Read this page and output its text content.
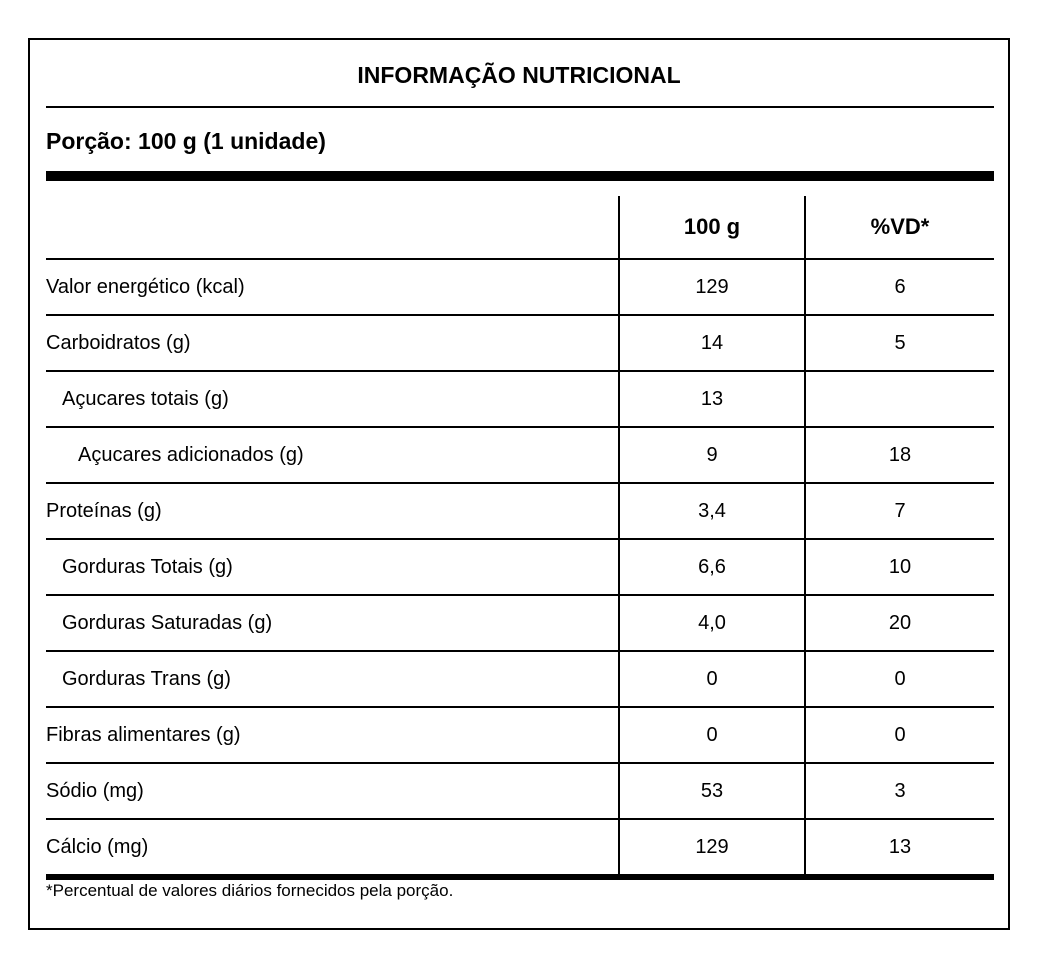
INFORMAÇÃO NUTRICIONAL
Porção: 100 g (1 unidade)
	100 g	%VD*
Valor energético (kcal)	129	6
Carboidratos (g)	14	5
Açucares totais (g)	13	
Açucares adicionados (g)	9	18
Proteínas (g)	3,4	7
Gorduras Totais (g)	6,6	10
Gorduras Saturadas (g)	4,0	20
Gorduras Trans (g)	0	0
Fibras alimentares (g)	0	0
Sódio (mg)	53	3
Cálcio (mg)	129	13
*Percentual de valores diários fornecidos pela porção.
